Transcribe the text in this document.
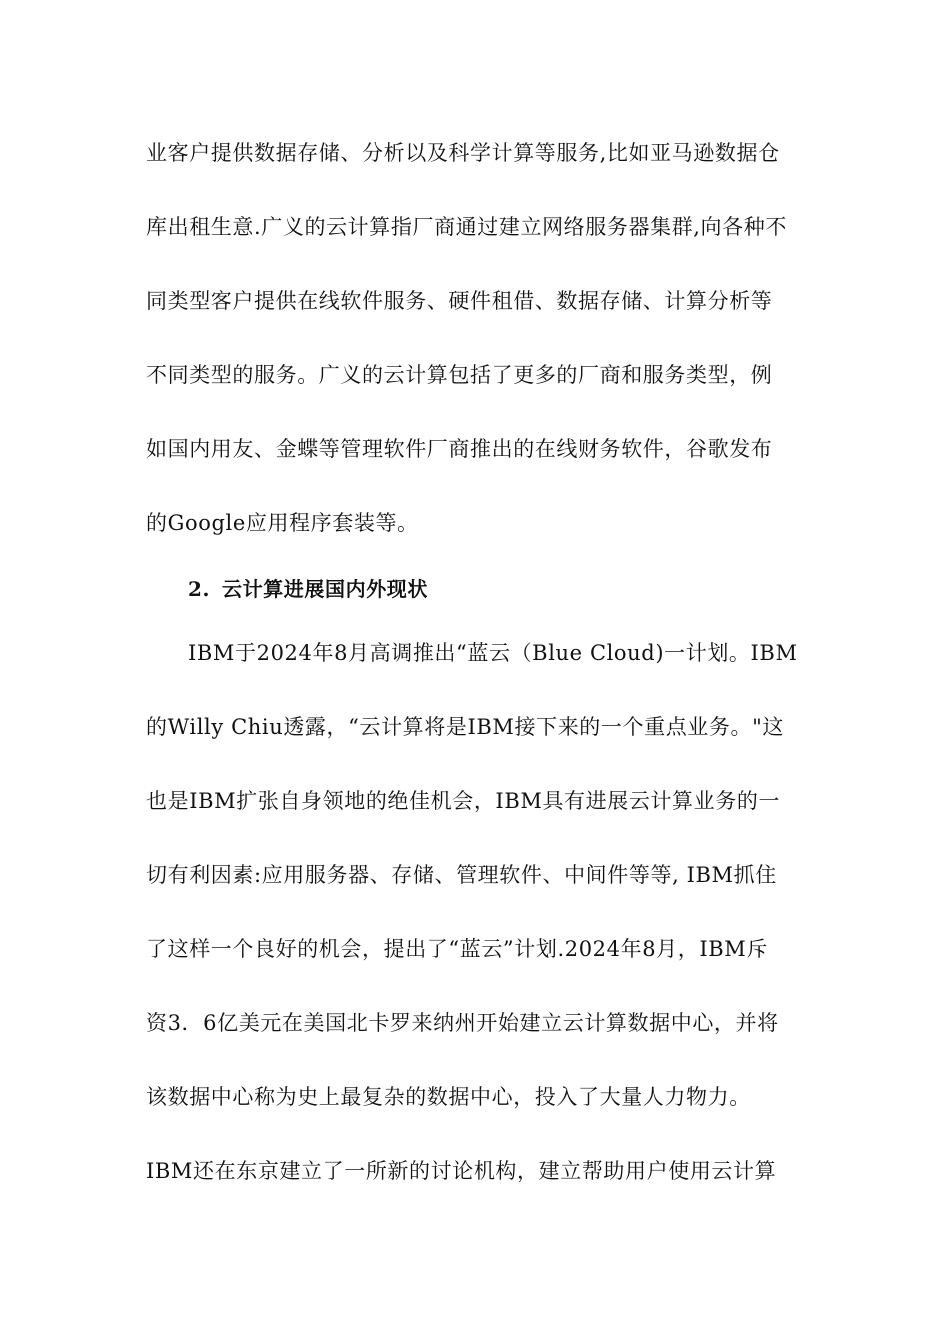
业客户提供数据存储、分析以及科学计算等服务,比如亚马逊数据仓
库出租生意.广义的云计算指厂商通过建立网络服务器集群,向各种不
同类型客户提供在线软件服务、硬件租借、数据存储、计算分析等
不同类型的服务。广义的云计算包括了更多的厂商和服务类型，例
如国内用友、金蝶等管理软件厂商推出的在线财务软件，谷歌发布
的Google应用程序套装等。
2. 云计算进展国内外现状
IBM于2024年8月高调推出“蓝云（Blue Cloud)一计划。IBM
的Willy Chiu透露，“云计算将是IBM接下来的一个重点业务。"这
也是IBM扩张自身领地的绝佳机会，IBM具有进展云计算业务的一
切有利因素:应用服务器、存储、管理软件、中间件等等, IBM抓住
了这样一个良好的机会，提出了“蓝云”计划.2024年8月，IBM斥
资3．6亿美元在美国北卡罗来纳州开始建立云计算数据中心，并将
该数据中心称为史上最复杂的数据中心，投入了大量人力物力。
IBM还在东京建立了一所新的讨论机构，建立帮助用户使用云计算
